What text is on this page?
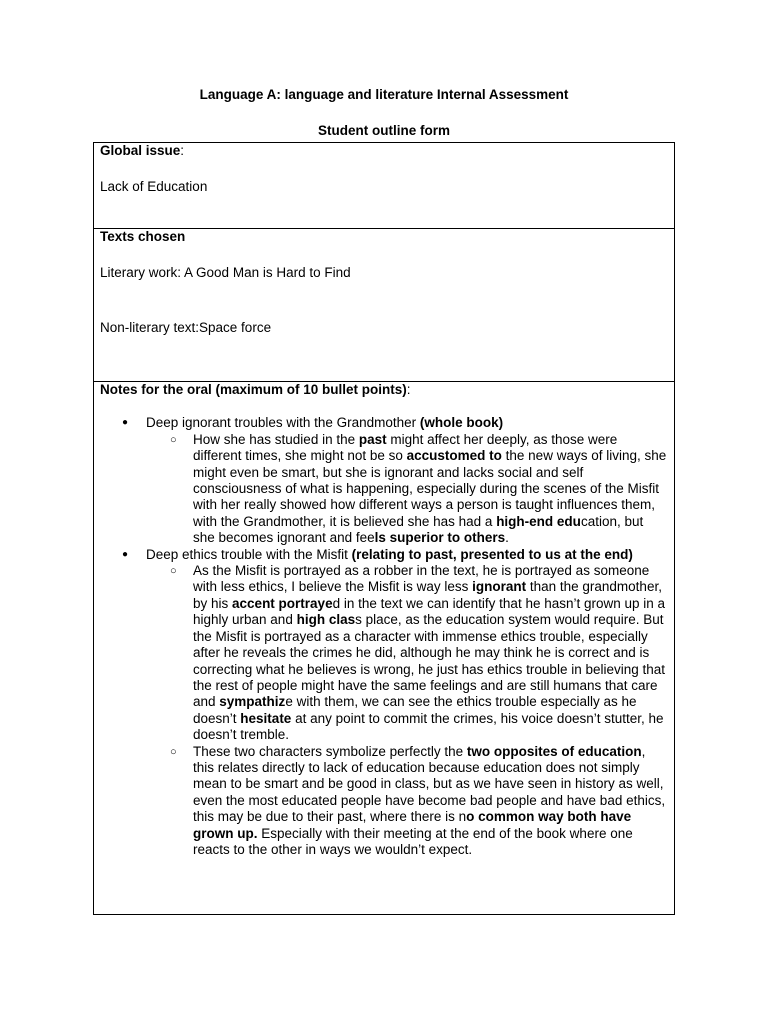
Language A: language and literature Internal Assessment

Student outline form

Global issue:

Lack of Education

Texts chosen

Literary work: A Good Man is Hard to Find

Non-literary text:Space force

Notes for the oral (maximum of 10 bullet points):

● Deep ignorant troubles with the Grandmother (whole book)
○ How she has studied in the past might affect her deeply, as those were different times, she might not be so accustomed to the new ways of living, she might even be smart, but she is ignorant and lacks social and self consciousness of what is happening, especially during the scenes of the Misfit with her really showed how different ways a person is taught influences them, with the Grandmother, it is believed she has had a high-end education, but she becomes ignorant and feels superior to others.
● Deep ethics trouble with the Misfit (relating to past, presented to us at the end)
○ As the Misfit is portrayed as a robber in the text, he is portrayed as someone with less ethics, I believe the Misfit is way less ignorant than the grandmother, by his accent portrayed in the text we can identify that he hasn’t grown up in a highly urban and high class place, as the education system would require. But the Misfit is portrayed as a character with immense ethics trouble, especially after he reveals the crimes he did, although he may think he is correct and is correcting what he believes is wrong, he just has ethics trouble in believing that the rest of people might have the same feelings and are still humans that care and sympathize with them, we can see the ethics trouble especially as he doesn’t hesitate at any point to commit the crimes, his voice doesn’t stutter, he doesn’t tremble.
○ These two characters symbolize perfectly the two opposites of education, this relates directly to lack of education because education does not simply mean to be smart and be good in class, but as we have seen in history as well, even the most educated people have become bad people and have bad ethics, this may be due to their past, where there is no common way both have grown up. Especially with their meeting at the end of the book where one reacts to the other in ways we wouldn’t expect.
